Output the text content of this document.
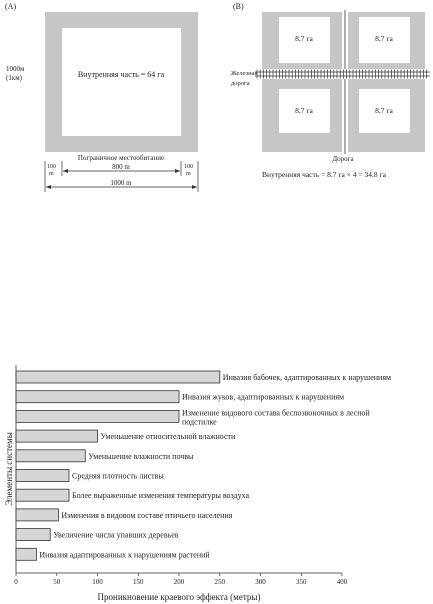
(A)
Внутренняя часть = 64 га
1000м
(1км)
Пограничное местообитание
100
m
800 m	100
m
1000 m
(B)
8,7 га	8,7 га
8,7 га	8,7 га
Железная
дорога
Дорога
Внутренняя часть = 8.7 га × 4 = 34.8 га
Инвазия бабочек, адаптированных к нарушениям
Инвазия жуков, адаптированных к нарушениям
Изменение видового состава беспозвоночных в лесной подстилке
Уменьшение относительной влажности
Уменьшение влажности почвы
Средняя плотность листвы
Более выраженные изменения температуры воздуха
Изменения в видовом составе птичьего населения
Увеличение числа упавших деревьев
Инвазия адаптированных к нарушениям растений
0	50	100	150	200	250	300	350	400
Проникновение краевого эффекта (метры)
Элементы системы
